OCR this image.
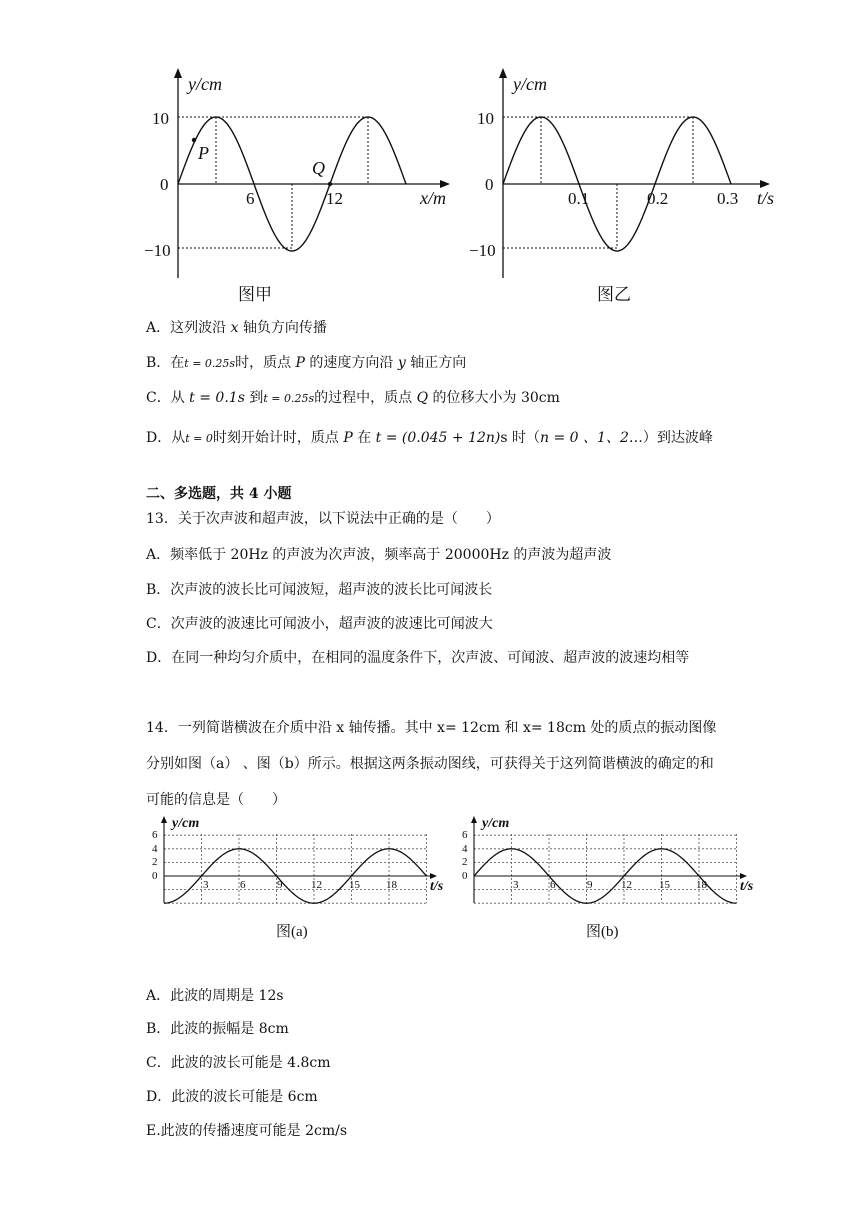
y/cm
10
0
−10
6	12	x/m
P
Q
图甲
y/cm
10
0
−10
0.1	0.2	0.3 t/s
图乙
A．这列波沿 x 轴负方向传播
B．在t = 0.25s时，质点 P 的速度方向沿 y 轴正方向
C．从 t = 0.1s 到t = 0.25s的过程中，质点 Q 的位移大小为 30cm
D．从t = 0时刻开始计时，质点 P 在 t = (0.045 + 12n)s 时（n = 0 、1、2…）到达波峰
二、多选题，共 4 小题
13．关于次声波和超声波，以下说法中正确的是（　　）
A．频率低于 20Hz 的声波为次声波，频率高于 20000Hz 的声波为超声波
B．次声波的波长比可闻波短，超声波的波长比可闻波长
C．次声波的波速比可闻波小，超声波的波速比可闻波大
D．在同一种均匀介质中，在相同的温度条件下，次声波、可闻波、超声波的波速均相等
14．一列简谐横波在介质中沿 x 轴传播。其中 x= 12cm 和 x= 18cm 处的质点的振动图像分别如图（a） 、图（b）所示。根据这两条振动图线，可获得关于这列简谐横波的确定的和可能的信息是（　　）
y/cm
6
4
2
0
3	6	9	12 15 18 t/s
图(a)
y/cm
6
4
2
0
3	6	9	12 15 18 t/s
图(b)
A．此波的周期是 12s
B．此波的振幅是 8cm
C．此波的波长可能是 4.8cm
D．此波的波长可能是 6cm
E.此波的传播速度可能是 2cm/s
